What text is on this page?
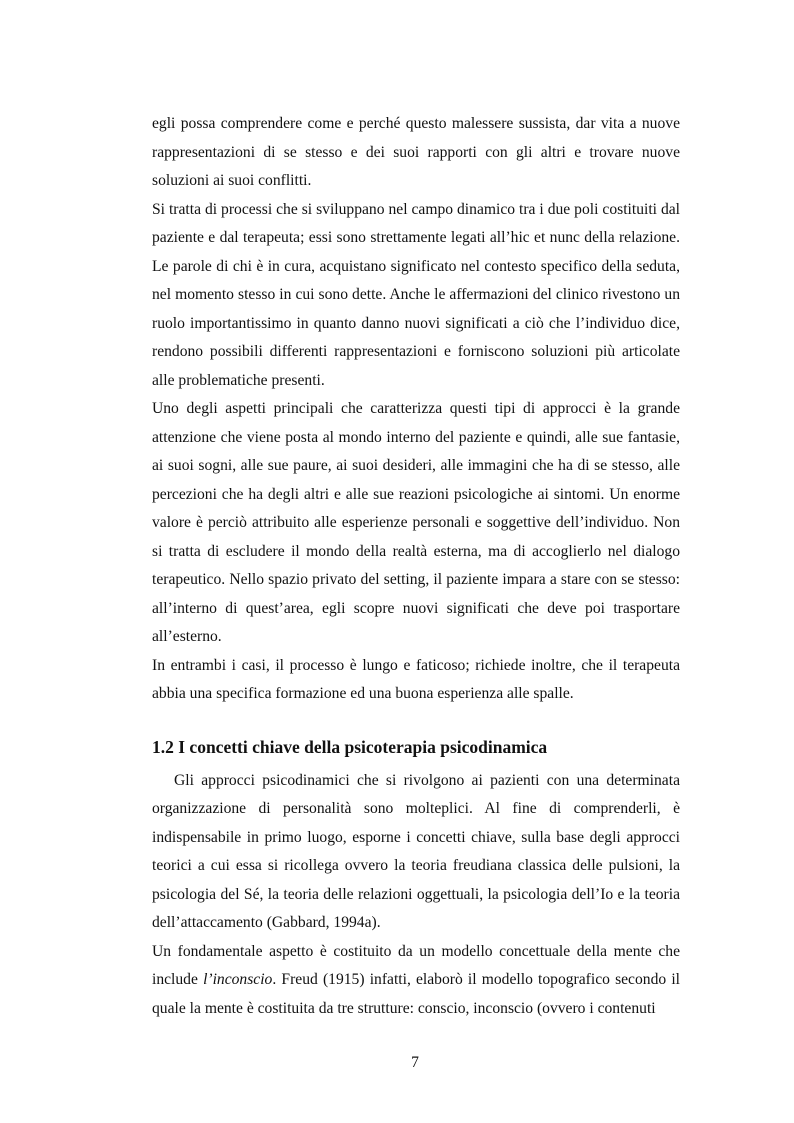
egli possa comprendere come e perché questo malessere sussista, dar vita a nuove rappresentazioni di se stesso e dei suoi rapporti con gli altri e trovare nuove soluzioni ai suoi conflitti.

Si tratta di processi che si sviluppano nel campo dinamico tra i due poli costituiti dal paziente e dal terapeuta; essi sono strettamente legati all’hic et nunc della relazione. Le parole di chi è in cura, acquistano significato nel contesto specifico della seduta, nel momento stesso in cui sono dette. Anche le affermazioni del clinico rivestono un ruolo importantissimo in quanto danno nuovi significati a ciò che l’individuo dice, rendono possibili differenti rappresentazioni e forniscono soluzioni più articolate alle problematiche presenti.

Uno degli aspetti principali che caratterizza questi tipi di approcci è la grande attenzione che viene posta al mondo interno del paziente e quindi, alle sue fantasie, ai suoi sogni, alle sue paure, ai suoi desideri, alle immagini che ha di se stesso, alle percezioni che ha degli altri e alle sue reazioni psicologiche ai sintomi. Un enorme valore è perciò attribuito alle esperienze personali e soggettive dell’individuo. Non si tratta di escludere il mondo della realtà esterna, ma di accoglierlo nel dialogo terapeutico. Nello spazio privato del setting, il paziente impara a stare con se stesso: all’interno di quest’area, egli scopre nuovi significati che deve poi trasportare all’esterno.

In entrambi i casi, il processo è lungo e faticoso; richiede inoltre, che il terapeuta abbia una specifica formazione ed una buona esperienza alle spalle.

1.2 I concetti chiave della psicoterapia psicodinamica

Gli approcci psicodinamici che si rivolgono ai pazienti con una determinata organizzazione di personalità sono molteplici. Al fine di comprenderli, è indispensabile in primo luogo, esporne i concetti chiave, sulla base degli approcci teorici a cui essa si ricollega ovvero la teoria freudiana classica delle pulsioni, la psicologia del Sé, la teoria delle relazioni oggettuali, la psicologia dell’Io e la teoria dell’attaccamento (Gabbard, 1994a).

Un fondamentale aspetto è costituito da un modello concettuale della mente che include l’inconscio. Freud (1915) infatti, elaborò il modello topografico secondo il quale la mente è costituita da tre strutture: conscio, inconscio (ovvero i contenuti

7
